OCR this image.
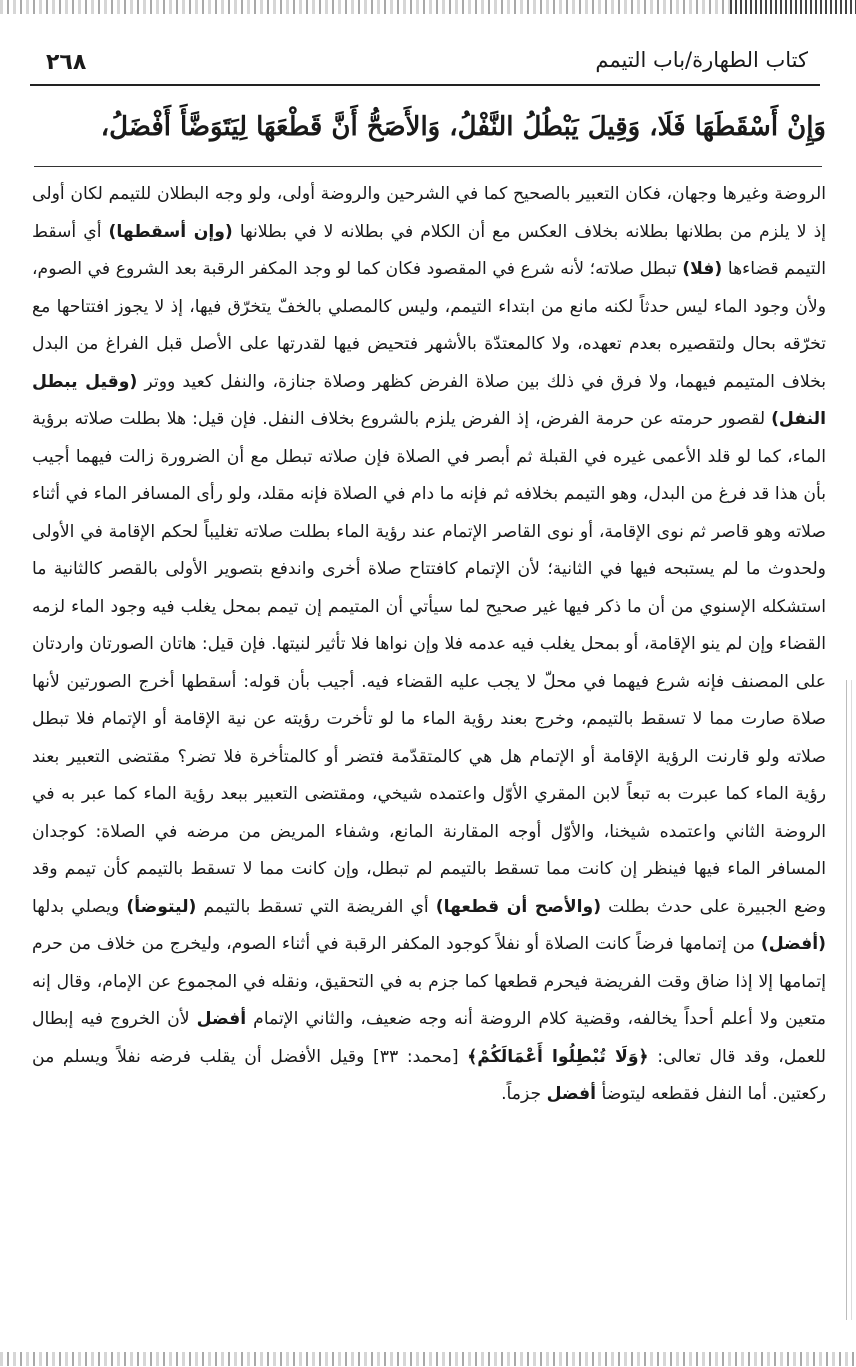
كتاب الطهارة/باب التيمم
٢٦٨
وَإِنْ أَسْقَطَهَا فَلَا، وَقِيلَ يَبْطُلُ النَّفْلُ، وَالأَصَحُّ أَنَّ قَطْعَهَا لِيَتَوَضَّأَ أَفْضَلُ،

الروضة وغيرها وجهان، فكان التعبير بالصحيح كما في الشرحين والروضة أولى، ولو وجه البطلان للتيمم لكان أولى إذ لا يلزم من بطلانها بطلانه بخلاف العكس مع أن الكلام في بطلانه لا في بطلانها (وإن أسقطها) أي أسقط التيمم قضاءها (فلا) تبطل صلاته؛ لأنه شرع في المقصود فكان كما لو وجد المكفر الرقبة بعد الشروع في الصوم، ولأن وجود الماء ليس حدثاً لكنه مانع من ابتداء التيمم، وليس كالمصلي بالخفّ يتخرّق فيها، إذ لا يجوز افتتاحها مع تخرّقه بحال ولتقصيره بعدم تعهده، ولا كالمعتدّة بالأشهر فتحيض فيها لقدرتها على الأصل قبل الفراغ من البدل بخلاف المتيمم فيهما، ولا فرق في ذلك بين صلاة الفرض كظهر وصلاة جنازة، والنفل كعيد ووتر (وقيل يبطل النفل) لقصور حرمته عن حرمة الفرض، إذ الفرض يلزم بالشروع بخلاف النفل. فإن قيل: هلا بطلت صلاته برؤية الماء، كما لو قلد الأعمى غيره في القبلة ثم أبصر في الصلاة فإن صلاته تبطل مع أن الضرورة زالت فيهما أجيب بأن هذا قد فرغ من البدل، وهو التيمم بخلافه ثم فإنه ما دام في الصلاة فإنه مقلد، ولو رأى المسافر الماء في أثناء صلاته وهو قاصر ثم نوى الإقامة، أو نوى القاصر الإتمام عند رؤية الماء بطلت صلاته تغليباً لحكم الإقامة في الأولى ولحدوث ما لم يستبحه فيها في الثانية؛ لأن الإتمام كافتتاح صلاة أخرى واندفع بتصوير الأولى بالقصر كالثانية ما استشكله الإسنوي من أن ما ذكر فيها غير صحيح لما سيأتي أن المتيمم إن تيمم بمحل يغلب فيه وجود الماء لزمه القضاء وإن لم ينو الإقامة، أو بمحل يغلب فيه عدمه فلا وإن نواها فلا تأثير لنيتها. فإن قيل: هاتان الصورتان واردتان على المصنف فإنه شرع فيهما في محلّ لا يجب عليه القضاء فيه. أجيب بأن قوله: أسقطها أخرج الصورتين لأنها صلاة صارت مما لا تسقط بالتيمم، وخرج بعند رؤية الماء ما لو تأخرت رؤيته عن نية الإقامة أو الإتمام فلا تبطل صلاته ولو قارنت الرؤية الإقامة أو الإتمام هل هي كالمتقدّمة فتضر أو كالمتأخرة فلا تضر؟ مقتضى التعبير بعند رؤية الماء كما عبرت به تبعاً لابن المقري الأوّل واعتمده شيخي، ومقتضى التعبير ببعد رؤية الماء كما عبر به في الروضة الثاني واعتمده شيخنا، والأوّل أوجه المقارنة المانع، وشفاء المريض من مرضه في الصلاة: كوجدان المسافر الماء فيها فينظر إن كانت مما تسقط بالتيمم لم تبطل، وإن كانت مما لا تسقط بالتيمم كأن تيمم وقد وضع الجبيرة على حدث بطلت (والأصح أن قطعها) أي الفريضة التي تسقط بالتيمم (ليتوضأ) ويصلي بدلها (أفضل) من إتمامها فرضاً كانت الصلاة أو نفلاً كوجود المكفر الرقبة في أثناء الصوم، وليخرج من خلاف من حرم إتمامها إلا إذا ضاق وقت الفريضة فيحرم قطعها كما جزم به في التحقيق، ونقله في المجموع عن الإمام، وقال إنه متعين ولا أعلم أحداً يخالفه، وقضية كلام الروضة أنه وجه ضعيف، والثاني الإتمام أفضل لأن الخروج فيه إبطال للعمل، وقد قال تعالى: ﴿وَلَا تُبْطِلُوا أَعْمَالَكُمْ﴾ [محمد: ٣٣] وقيل الأفضل أن يقلب فرضه نفلاً ويسلم من ركعتين. أما النفل فقطعه ليتوضأ أفضل جزماً.
